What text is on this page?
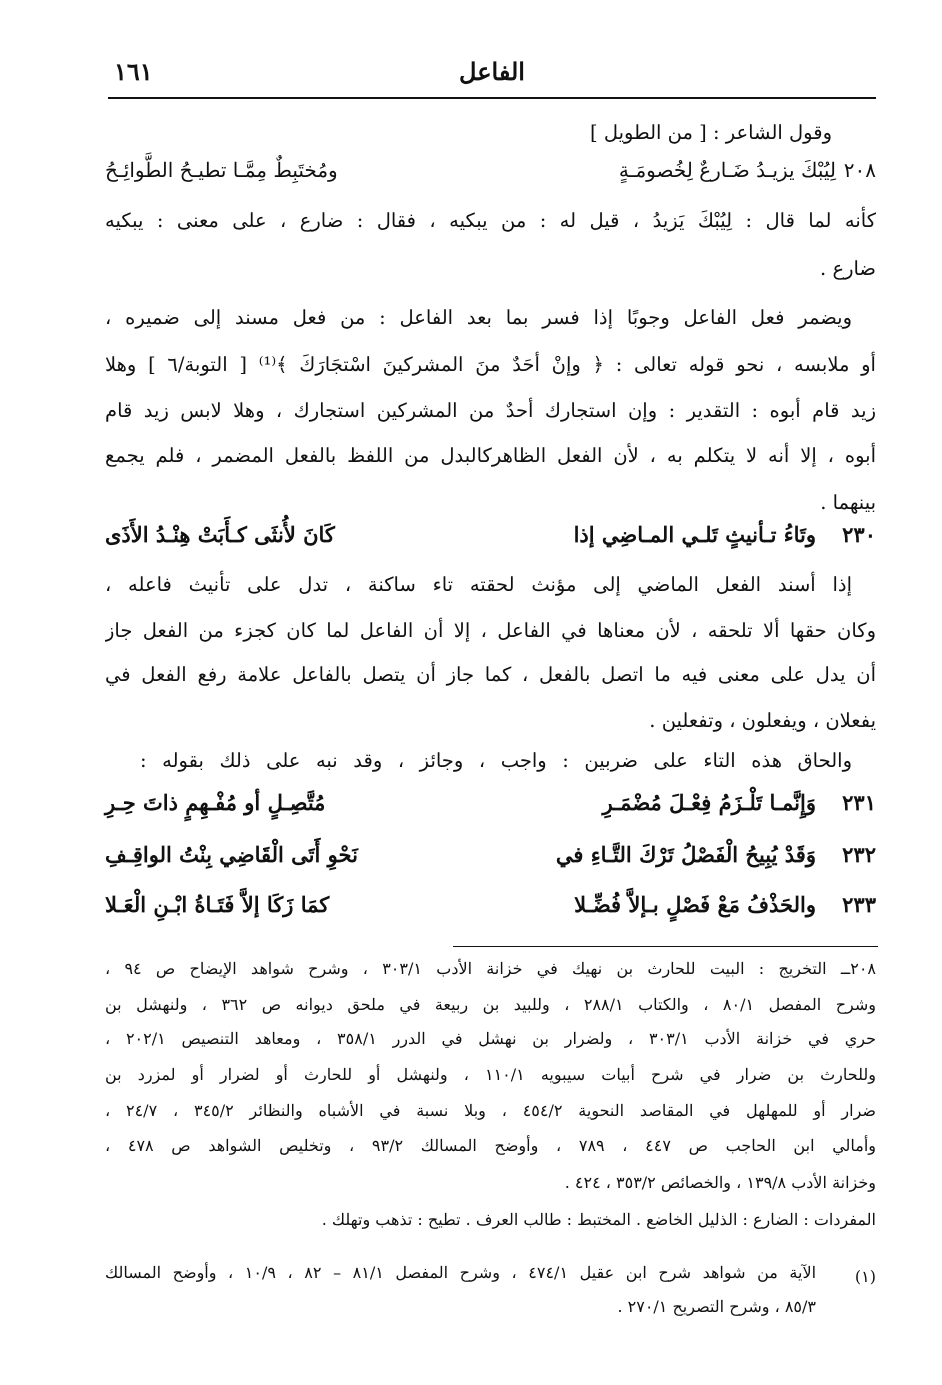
الفاعل
١٦١
وقول الشاعر : [ من الطويل ]
٢٠٨
لِيُبْكَ يزيـدُ ضَـارعٌ لِخُصومَـةٍ
ومُختَبِطٌ مِمَّـا تطيـحُ الطَّوائِـحُ
كأنه لما قال : لِيُبْكَ يَزيدُ ، قيل له : من يبكيه ، فقال : ضارع ، على معنى : يبكيه
ضارع .
ويضمر فعل الفاعل وجوبًا إذا فسر بما بعد الفاعل : من فعل مسند إلى ضميره ،
أو ملابسه ، نحو قوله تعالى : ﴿ وإنْ أحَدٌ منَ المشركينَ اسْتجَارَكَ ﴾⁽¹⁾ [ التوبة/٦ ] وهلا
زيد قام أبوه : التقدير : وإن استجارك أحدٌ من المشركين استجارك ، وهلا لابس زيد قام
أبوه ، إلا أنه لا يتكلم به ، لأن الفعل الظاهركالبدل من اللفظ بالفعل المضمر ، فلم يجمع
بينهما .
٢٣٠
وتَاءُ تـأنيثٍ تَلـي المـاضِي إذا
كَانَ لأُنثَى كـأَبَتْ هِنْـدُ الأَذَى
إذا أسند الفعل الماضي إلى مؤنث لحقته تاء ساكنة ، تدل على تأنيث فاعله ،
وكان حقها ألا تلحقه ، لأن معناها في الفاعل ، إلا أن الفاعل لما كان كجزء من الفعل جاز
أن يدل على معنى فيه ما اتصل بالفعل ، كما جاز أن يتصل بالفاعل علامة رفع الفعل في
يفعلان ، ويفعلون ، وتفعلين .
والحاق هذه التاء على ضربين : واجب ، وجائز ، وقد نبه على ذلك بقوله :
٢٣١
وَإِنَّمـا تَلْـزَمُ فِعْـلَ مُضْمَـرِ
مُتَّصِـلٍ أو مُفْـهِمٍ ذاتَ حِـرِ
٢٣٢
وَقَدْ يُبِيحُ الْفَصْلُ تَرْكَ التَّـاءِ في
نَحْوِ أَتَى الْقَاضِي بِنْتُ الواقِـفِ
٢٣٣
والحَذْفُ مَعْ فَصْلٍ بـإلاَّ فُضِّـلا
كمَا زَكَا إلاَّ فَتَـاةُ ابْـنِ الْعَـلا
٢٠٨ــ التخريج : البيت للحارث بن نهيك في خزانة الأدب ٣٠٣/١ ، وشرح شواهد الإيضاح ص ٩٤ ،
وشرح المفصل ٨٠/١ ، والكتاب ٢٨٨/١ ، وللبيد بن ربيعة في ملحق ديوانه ص ٣٦٢ ، ولنهشل بن
حري في خزانة الأدب ٣٠٣/١ ، ولضرار بن نهشل في الدرر ٣٥٨/١ ، ومعاهد التنصيص ٢٠٢/١ ،
وللحارث بن ضرار في شرح أبيات سيبويه ١١٠/١ ، ولنهشل أو للحارث أو لضرار أو لمزرد بن
ضرار أو للمهلهل في المقاصد النحوية ٤٥٤/٢ ، وبلا نسبة في الأشباه والنظائر ٣٤٥/٢ ، ٢٤/٧ ،
وأمالي ابن الحاجب ص ٤٤٧ ، ٧٨٩ ، وأوضح المسالك ٩٣/٢ ، وتخليص الشواهد ص ٤٧٨ ،
وخزانة الأدب ١٣٩/٨ ، والخصائص ٣٥٣/٢ ، ٤٢٤ .
المفردات : الضارع : الذليل الخاضع . المختبط : طالب العرف . تطيح : تذهب وتهلك .
(١)
الآية من شواهد شرح ابن عقيل ٤٧٤/١ ، وشرح المفصل ٨١/١ – ٨٢ ، ١٠/٩ ، وأوضح المسالك
٨٥/٣ ، وشرح التصريح ٢٧٠/١ .
